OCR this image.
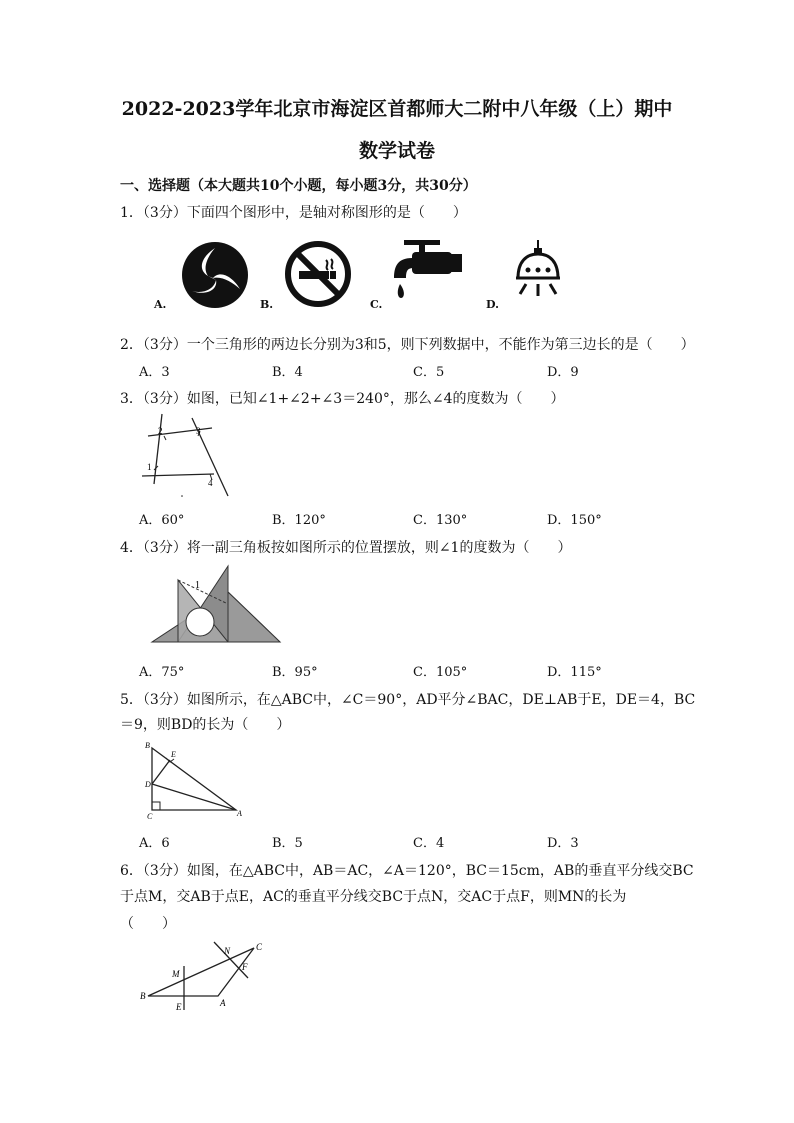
2022-2023学年北京市海淀区首都师大二附中八年级（上）期中
数学试卷
一、选择题（本大题共10个小题，每小题3分，共30分）
1．（3分）下面四个图形中，是轴对称图形的是（　　）
A.	B.	C.	D.
2．（3分）一个三角形的两边长分别为3和5，则下列数据中，不能作为第三边长的是（　　）
A．3	B．4	C．5	D．9
3．（3分）如图，已知∠1+∠2+∠3＝240°，那么∠4的度数为（　　）
1
2	3
4
A．60°	B．120°	C．130°	D．150°
4．（3分）将一副三角板按如图所示的位置摆放，则∠1的度数为（　　）
1
A．75°	B．95°	C．105°	D．115°
5．（3分）如图所示，在△ABC中，∠C＝90°，AD平分∠BAC，DE⊥AB于E，DE＝4，BC
＝9，则BD的长为（　　）
B
E
D
C	A
A．6	B．5	C．4	D．3
6．（3分）如图，在△ABC中，AB＝AC，∠A＝120°，BC＝15cm，AB的垂直平分线交BC
于点M，交AB于点E，AC的垂直平分线交BC于点N，交AC于点F，则MN的长为
（　　）
N	C
M
F
B
E	A
